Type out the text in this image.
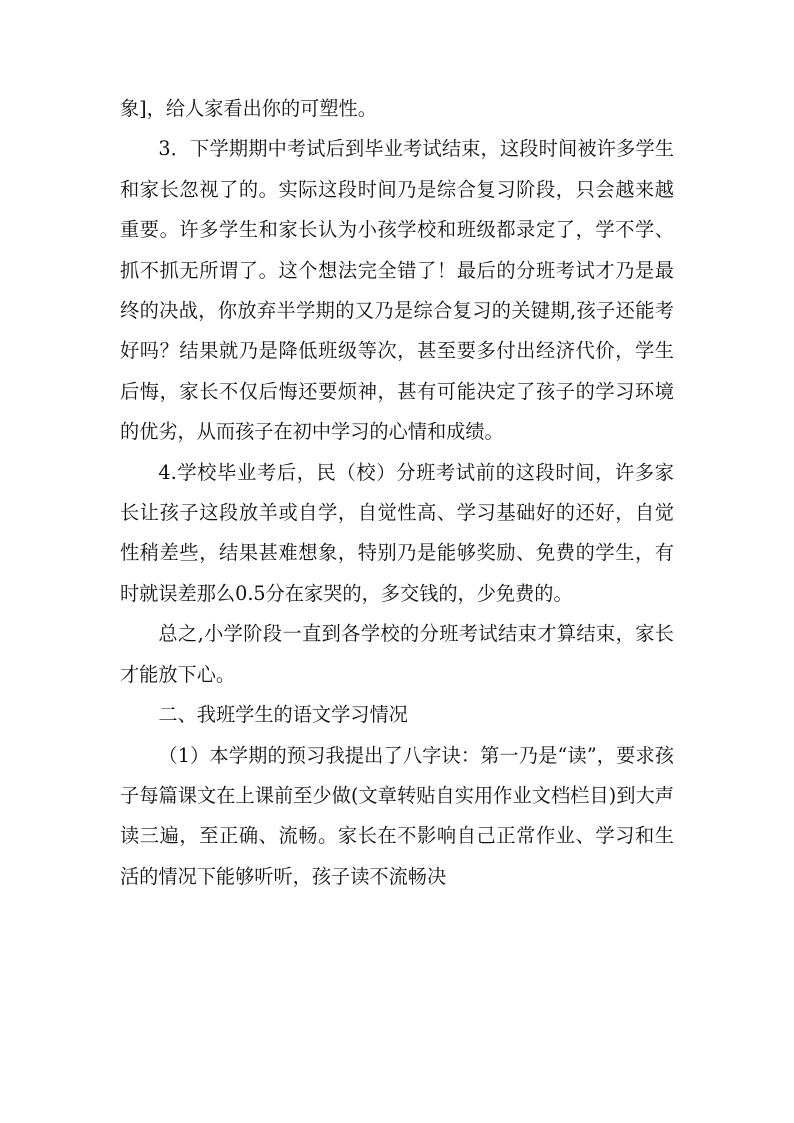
象]，给人家看出你的可塑性。

3．下学期期中考试后到毕业考试结束，这段时间被许多学生和家长忽视了的。实际这段时间乃是综合复习阶段，只会越来越重要。许多学生和家长认为小孩学校和班级都录定了，学不学、抓不抓无所谓了。这个想法完全错了！最后的分班考试才乃是最终的决战，你放弃半学期的又乃是综合复习的关键期,孩子还能考好吗？结果就乃是降低班级等次，甚至要多付出经济代价，学生后悔，家长不仅后悔还要烦神，甚有可能决定了孩子的学习环境的优劣，从而孩子在初中学习的心情和成绩。

4.学校毕业考后，民（校）分班考试前的这段时间，许多家长让孩子这段放羊或自学，自觉性高、学习基础好的还好，自觉性稍差些，结果甚难想象，特别乃是能够奖励、免费的学生，有时就误差那么0.5分在家哭的，多交钱的，少免费的。

总之,小学阶段一直到各学校的分班考试结束才算结束，家长才能放下心。

二、我班学生的语文学习情况

（1）本学期的预习我提出了八字诀：第一乃是“读”，要求孩子每篇课文在上课前至少做(文章转贴自实用作业文档栏目)到大声读三遍，至正确、流畅。家长在不影响自己正常作业、学习和生活的情况下能够听听，孩子读不流畅决
